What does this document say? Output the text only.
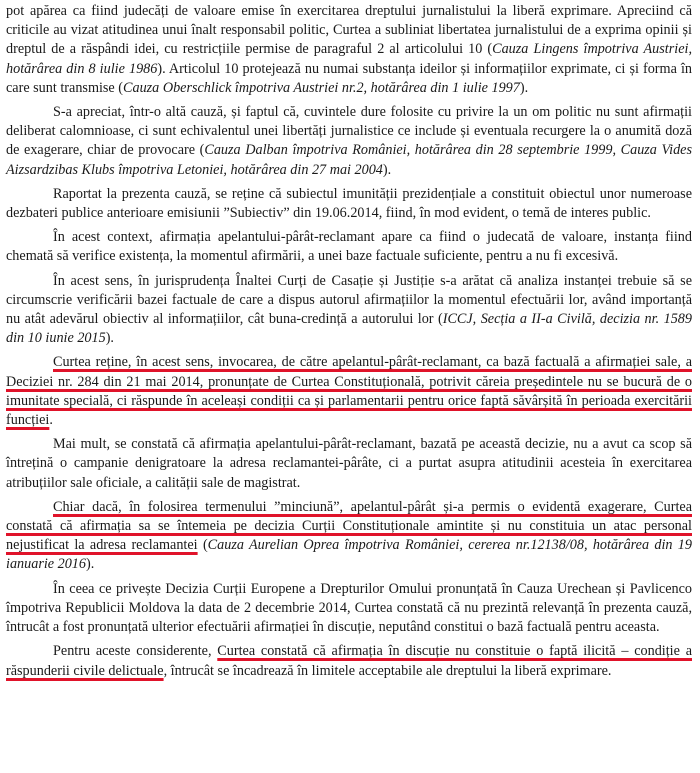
pot apărea ca fiind judecăți de valoare emise în exercitarea dreptului jurnalistului la liberă exprimare. Apreciind că criticile au vizat atitudinea unui înalt responsabil politic, Curtea a subliniat libertatea jurnalistului de a exprima opinii și dreptul de a răspândi idei, cu restricțiile permise de paragraful 2 al articolului 10 (Cauza Lingens împotriva Austriei, hotărârea din 8 iulie 1986). Articolul 10 protejează nu numai substanța ideilor și informațiilor exprimate, ci și forma în care sunt transmise (Cauza Oberschlick împotriva Austriei nr.2, hotărârea din 1 iulie 1997).

S-a apreciat, într-o altă cauză, și faptul că, cuvintele dure folosite cu privire la un om politic nu sunt afirmații deliberat calomnioase, ci sunt echivalentul unei libertăți jurnalistice ce include și eventuala recurgere la o anumită doză de exagerare, chiar de provocare (Cauza Dalban împotriva României, hotărârea din 28 septembrie 1999, Cauza Vides Aizsardzibas Klubs împotriva Letoniei, hotărârea din 27 mai 2004).

Raportat la prezenta cauză, se reține că subiectul imunității prezidențiale a constituit obiectul unor numeroase dezbateri publice anterioare emisiunii ”Subiectiv” din 19.06.2014, fiind, în mod evident, o temă de interes public.

În acest context, afirmația apelantului-pârât-reclamant apare ca fiind o judecată de valoare, instanța fiind chemată să verifice existența, la momentul afirmării, a unei baze factuale suficiente, pentru a nu fi excesivă.

În acest sens, în jurisprudența Înaltei Curți de Casație și Justiție s-a arătat că analiza instanței trebuie să se circumscrie verificării bazei factuale de care a dispus autorul afirmațiilor la momentul efectuării lor, având importanță nu atât adevărul obiectiv al informațiilor, cât buna-credință a autorului lor (ICCJ, Secția a II-a Civilă, decizia nr. 1589 din 10 iunie 2015).

Curtea reține, în acest sens, invocarea, de către apelantul-pârât-reclamant, ca bază factuală a afirmației sale, a Deciziei nr. 284 din 21 mai 2014, pronunțate de Curtea Constituțională, potrivit căreia președintele nu se bucură de o imunitate specială, ci răspunde în aceleași condiții ca și parlamentarii pentru orice faptă săvârșită în perioada exercitării funcției.

Mai mult, se constată că afirmația apelantului-pârât-reclamant, bazată pe această decizie, nu a avut ca scop să întrețină o campanie denigratoare la adresa reclamantei-pârâte, ci a purtat asupra atitudinii acesteia în exercitarea atribuțiilor sale oficiale, a calității sale de magistrat.

Chiar dacă, în folosirea termenului ”minciună”, apelantul-pârât și-a permis o evidentă exagerare, Curtea constată că afirmația sa se întemeia pe decizia Curții Constituționale amintite și nu constituia un atac personal nejustificat la adresa reclamantei (Cauza Aurelian Oprea împotriva României, cererea nr.12138/08, hotărârea din 19 ianuarie 2016).

În ceea ce privește Decizia Curții Europene a Drepturilor Omului pronunțată în Cauza Urechean și Pavlicenco împotriva Republicii Moldova la data de 2 decembrie 2014, Curtea constată că nu prezintă relevanță în prezenta cauză, întrucât a fost pronunțată ulterior efectuării afirmației în discuție, neputând constitui o bază factuală pentru aceasta.

Pentru aceste considerente, Curtea constată că afirmația în discuție nu constituie o faptă ilicită – condiție a răspunderii civile delictuale, întrucât se încadrează în limitele acceptabile ale dreptului la liberă exprimare.
